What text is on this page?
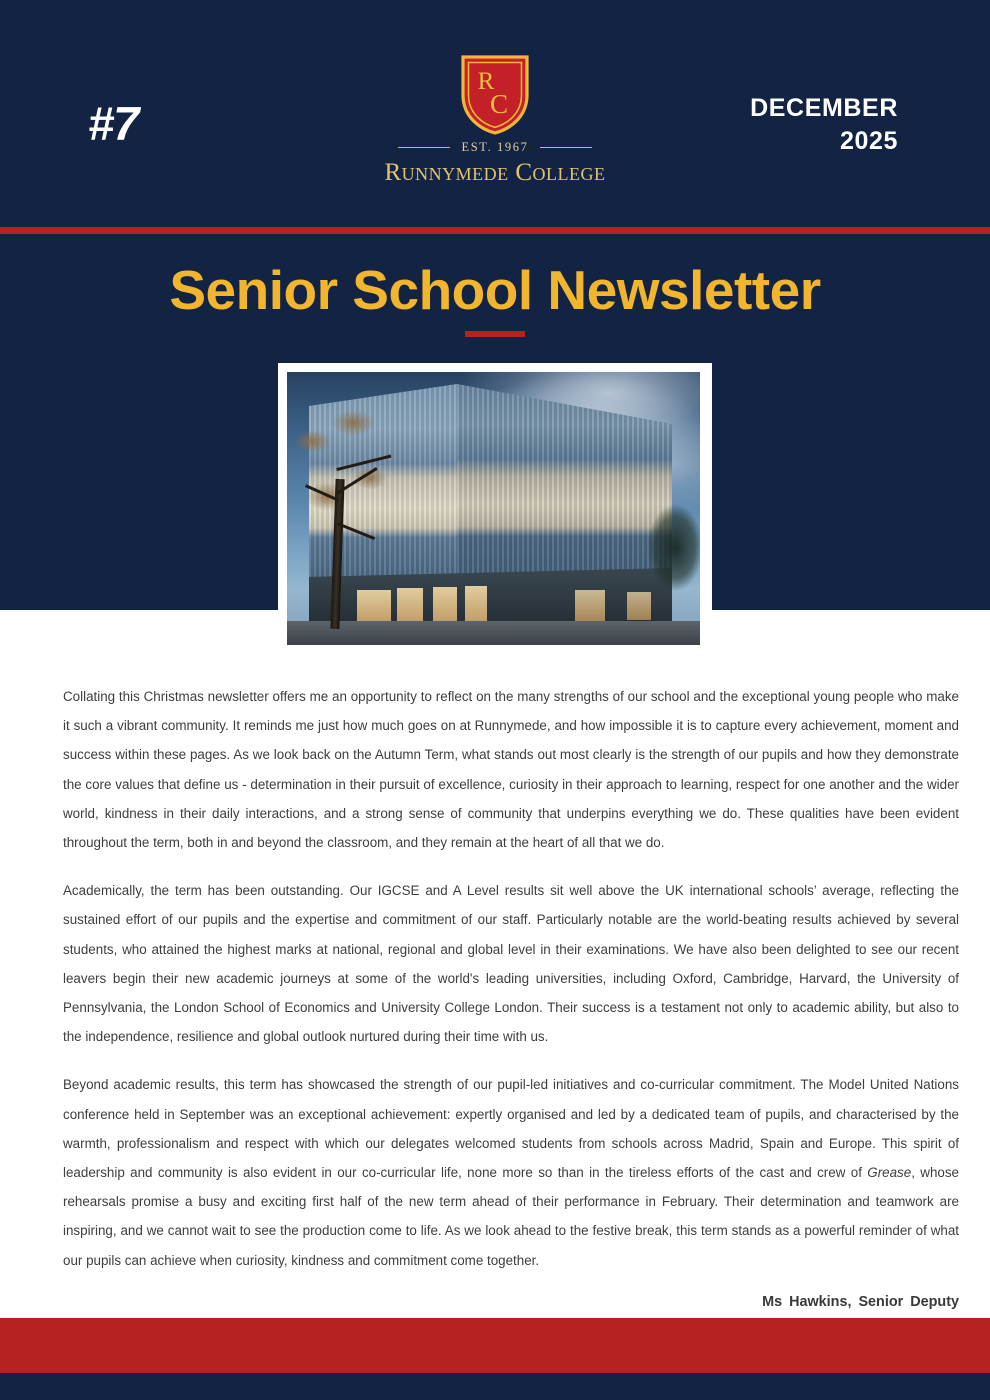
#7
R
C
EST. 1967
Runnymede College
DECEMBER
2025
Senior School Newsletter

Collating this Christmas newsletter offers me an opportunity to reflect on the many strengths of our school and the exceptional young people who make it such a vibrant community. It reminds me just how much goes on at Runnymede, and how impossible it is to capture every achievement, moment and success within these pages. As we look back on the Autumn Term, what stands out most clearly is the strength of our pupils and how they demonstrate the core values that define us - determination in their pursuit of excellence, curiosity in their approach to learning, respect for one another and the wider world, kindness in their daily interactions, and a strong sense of community that underpins everything we do. These qualities have been evident throughout the term, both in and beyond the classroom, and they remain at the heart of all that we do.

Academically, the term has been outstanding. Our IGCSE and A Level results sit well above the UK international schools’ average, reflecting the sustained effort of our pupils and the expertise and commitment of our staff. Particularly notable are the world-beating results achieved by several students, who attained the highest marks at national, regional and global level in their examinations. We have also been delighted to see our recent leavers begin their new academic journeys at some of the world's leading universities, including Oxford, Cambridge, Harvard, the University of Pennsylvania, the London School of Economics and University College London. Their success is a testament not only to academic ability, but also to the independence, resilience and global outlook nurtured during their time with us.

Beyond academic results, this term has showcased the strength of our pupil-led initiatives and co-curricular commitment. The Model United Nations conference held in September was an exceptional achievement: expertly organised and led by a dedicated team of pupils, and characterised by the warmth, professionalism and respect with which our delegates welcomed students from schools across Madrid, Spain and Europe. This spirit of leadership and community is also evident in our co-curricular life, none more so than in the tireless efforts of the cast and crew of Grease, whose rehearsals promise a busy and exciting first half of the new term ahead of their performance in February. Their determination and teamwork are inspiring, and we cannot wait to see the production come to life. As we look ahead to the festive break, this term stands as a powerful reminder of what our pupils can achieve when curiosity, kindness and commitment come together.

Ms Hawkins, Senior Deputy
